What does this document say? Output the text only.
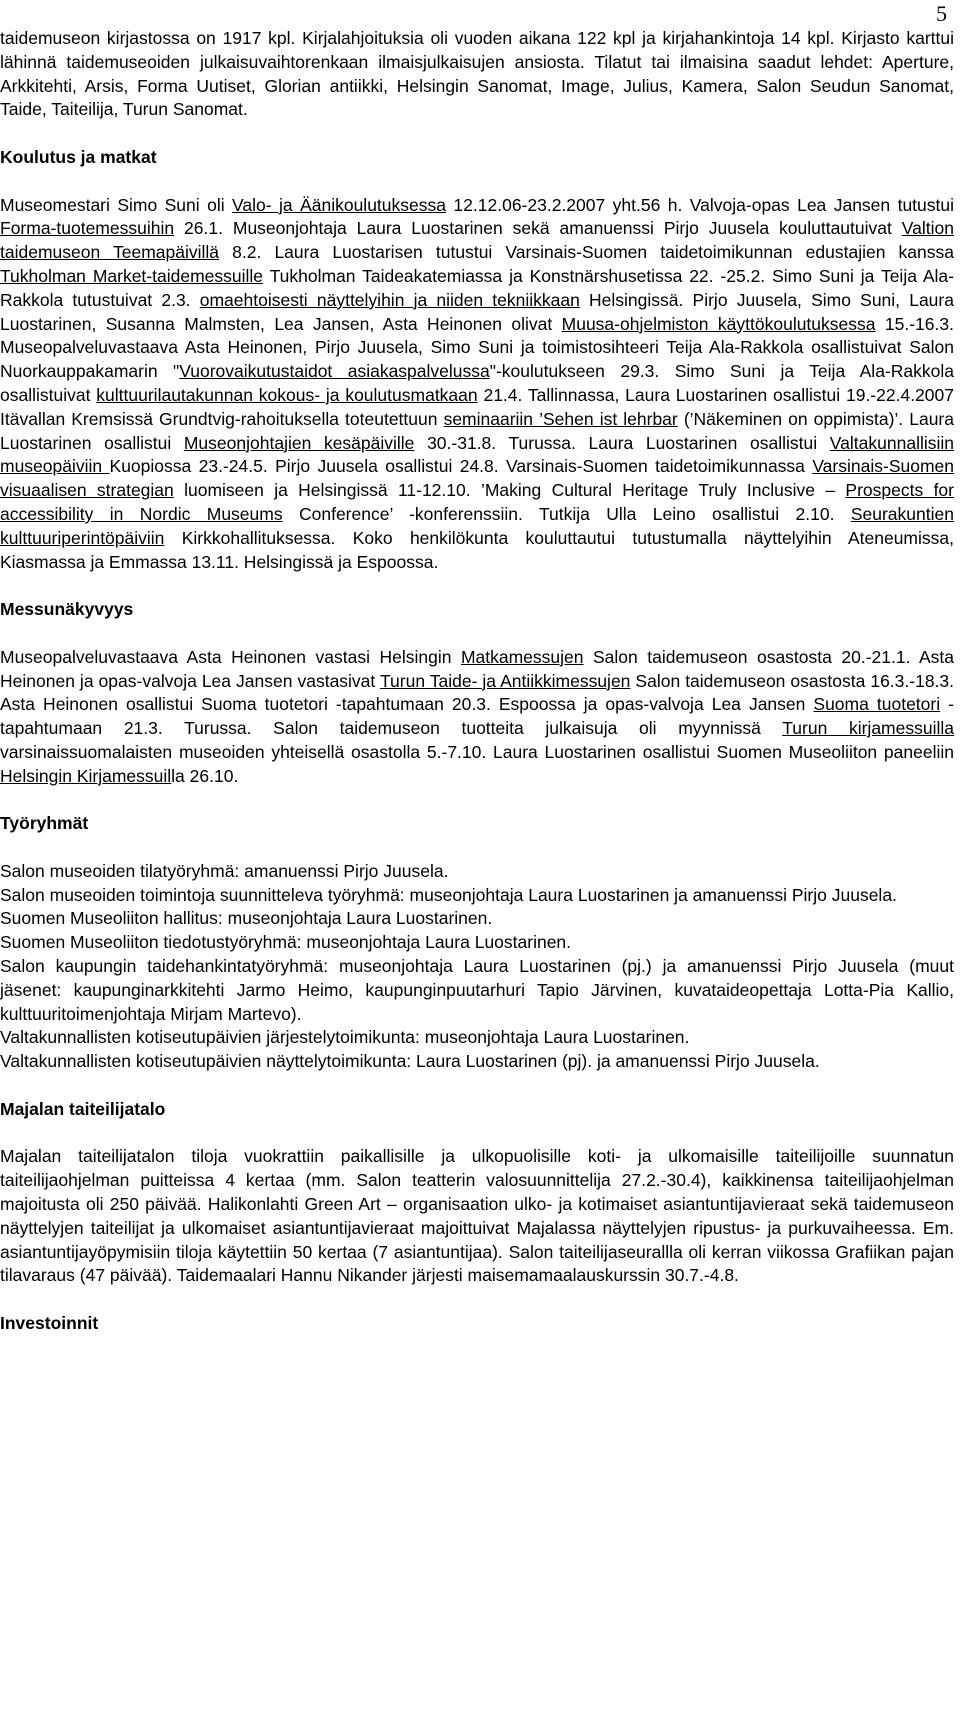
5

taidemuseon kirjastossa on 1917 kpl. Kirjalahjoituksia oli vuoden aikana 122 kpl ja kirjahankintoja 14 kpl. Kirjasto karttui lähinnä taidemuseoiden julkaisuvaihtorenkaan ilmaisjulkaisujen ansiosta. Tilatut tai ilmaisina saadut lehdet: Aperture, Arkkitehti, Arsis, Forma Uutiset, Glorian antiikki, Helsingin Sanomat, Image, Julius, Kamera, Salon Seudun Sanomat, Taide, Taiteilija, Turun Sanomat.

Koulutus ja matkat

Museomestari Simo Suni oli Valo- ja Äänikoulutuksessa 12.12.06-23.2.2007 yht.56 h. Valvoja-opas Lea Jansen tutustui Forma-tuotemessuihin 26.1. Museonjohtaja Laura Luostarinen sekä amanuenssi Pirjo Juusela kouluttautuivat Valtion taidemuseon Teemapäivillä 8.2. Laura Luostarisen tutustui Varsinais-Suomen taidetoimikunnan edustajien kanssa Tukholman Market-taidemessuille Tukholman Taideakatemiassa ja Konstnärshusetissa 22. -25.2. Simo Suni ja Teija Ala-Rakkola tutustuivat 2.3. omaehtoisesti näyttelyihin ja niiden tekniikkaan Helsingissä. Pirjo Juusela, Simo Suni, Laura Luostarinen, Susanna Malmsten, Lea Jansen, Asta Heinonen olivat Muusa-ohjelmiston käyttökoulutuksessa 15.-16.3. Museopalveluvastaava Asta Heinonen, Pirjo Juusela, Simo Suni ja toimistosihteeri Teija Ala-Rakkola osallistuivat Salon Nuorkauppakamarin "Vuorovaikutustaidot asiakaspalvelussa"-koulutukseen 29.3. Simo Suni ja Teija Ala-Rakkola osallistuivat kulttuurilautakunnan kokous- ja koulutusmatkaan 21.4. Tallinnassa, Laura Luostarinen osallistui 19.-22.4.2007 Itävallan Kremsissä Grundtvig-rahoituksella toteutettuun seminaariin ’Sehen ist lehrbar (’Näkeminen on oppimista)’. Laura Luostarinen osallistui Museonjohtajien kesäpäiville 30.-31.8. Turussa. Laura Luostarinen osallistui Valtakunnallisiin museopäiviin Kuopiossa 23.-24.5. Pirjo Juusela osallistui 24.8. Varsinais-Suomen taidetoimikunnassa Varsinais-Suomen visuaalisen strategian luomiseen ja Helsingissä 11-12.10. ’Making Cultural Heritage Truly Inclusive – Prospects for accessibility in Nordic Museums Conference’ -konferenssiin. Tutkija Ulla Leino osallistui 2.10. Seurakuntien kulttuuriperintöpäiviin Kirkkohallituksessa. Koko henkilökunta kouluttautui tutustumalla näyttelyihin Ateneumissa, Kiasmassa ja Emmassa 13.11. Helsingissä ja Espoossa.

Messunäkyvyys

Museopalveluvastaava Asta Heinonen vastasi Helsingin Matkamessujen Salon taidemuseon osastosta 20.-21.1. Asta Heinonen ja opas-valvoja Lea Jansen vastasivat Turun Taide- ja Antiikkimessujen Salon taidemuseon osastosta 16.3.-18.3. Asta Heinonen osallistui Suoma tuotetori -tapahtumaan 20.3. Espoossa ja opas-valvoja Lea Jansen Suoma tuotetori -tapahtumaan 21.3. Turussa. Salon taidemuseon tuotteita julkaisuja oli myynnissä Turun kirjamessuilla varsinaissuomalaisten museoiden yhteisellä osastolla 5.-7.10. Laura Luostarinen osallistui Suomen Museoliiton paneeliin Helsingin Kirjamessuilla 26.10.

Työryhmät

Salon museoiden tilatyöryhmä: amanuenssi Pirjo Juusela.

Salon museoiden toimintoja suunnitteleva työryhmä: museonjohtaja Laura Luostarinen ja amanuenssi Pirjo Juusela.

Suomen Museoliiton hallitus: museonjohtaja Laura Luostarinen.

Suomen Museoliiton tiedotustyöryhmä: museonjohtaja Laura Luostarinen.

Salon kaupungin taidehankintatyöryhmä: museonjohtaja Laura Luostarinen (pj.) ja amanuenssi Pirjo Juusela (muut jäsenet: kaupunginarkkitehti Jarmo Heimo, kaupunginpuutarhuri Tapio Järvinen, kuvataideopettaja Lotta-Pia Kallio, kulttuuritoimenjohtaja Mirjam Martevo).

Valtakunnallisten kotiseutupäivien järjestelytoimikunta: museonjohtaja Laura Luostarinen.

Valtakunnallisten kotiseutupäivien näyttelytoimikunta: Laura Luostarinen (pj). ja amanuenssi Pirjo Juusela.

Majalan taiteilijatalo

Majalan taiteilijatalon tiloja vuokrattiin paikallisille ja ulkopuolisille koti- ja ulkomaisille taiteilijoille suunnatun taiteilijaohjelman puitteissa 4 kertaa (mm. Salon teatterin valosuunnittelija 27.2.-30.4), kaikkinensa taiteilijaohjelman majoitusta oli 250 päivää. Halikonlahti Green Art – organisaation ulko- ja kotimaiset asiantuntijavieraat sekä taidemuseon näyttelyjen taiteilijat ja ulkomaiset asiantuntijavieraat majoittuivat Majalassa näyttelyjen ripustus- ja purkuvaiheessa. Em. asiantuntijayöpymisiin tiloja käytettiin 50 kertaa (7 asiantuntijaa). Salon taiteilijaseurallla oli kerran viikossa Grafiikan pajan tilavaraus (47 päivää). Taidemaalari Hannu Nikander järjesti maisemamaalauskurssin 30.7.-4.8.

Investoinnit
